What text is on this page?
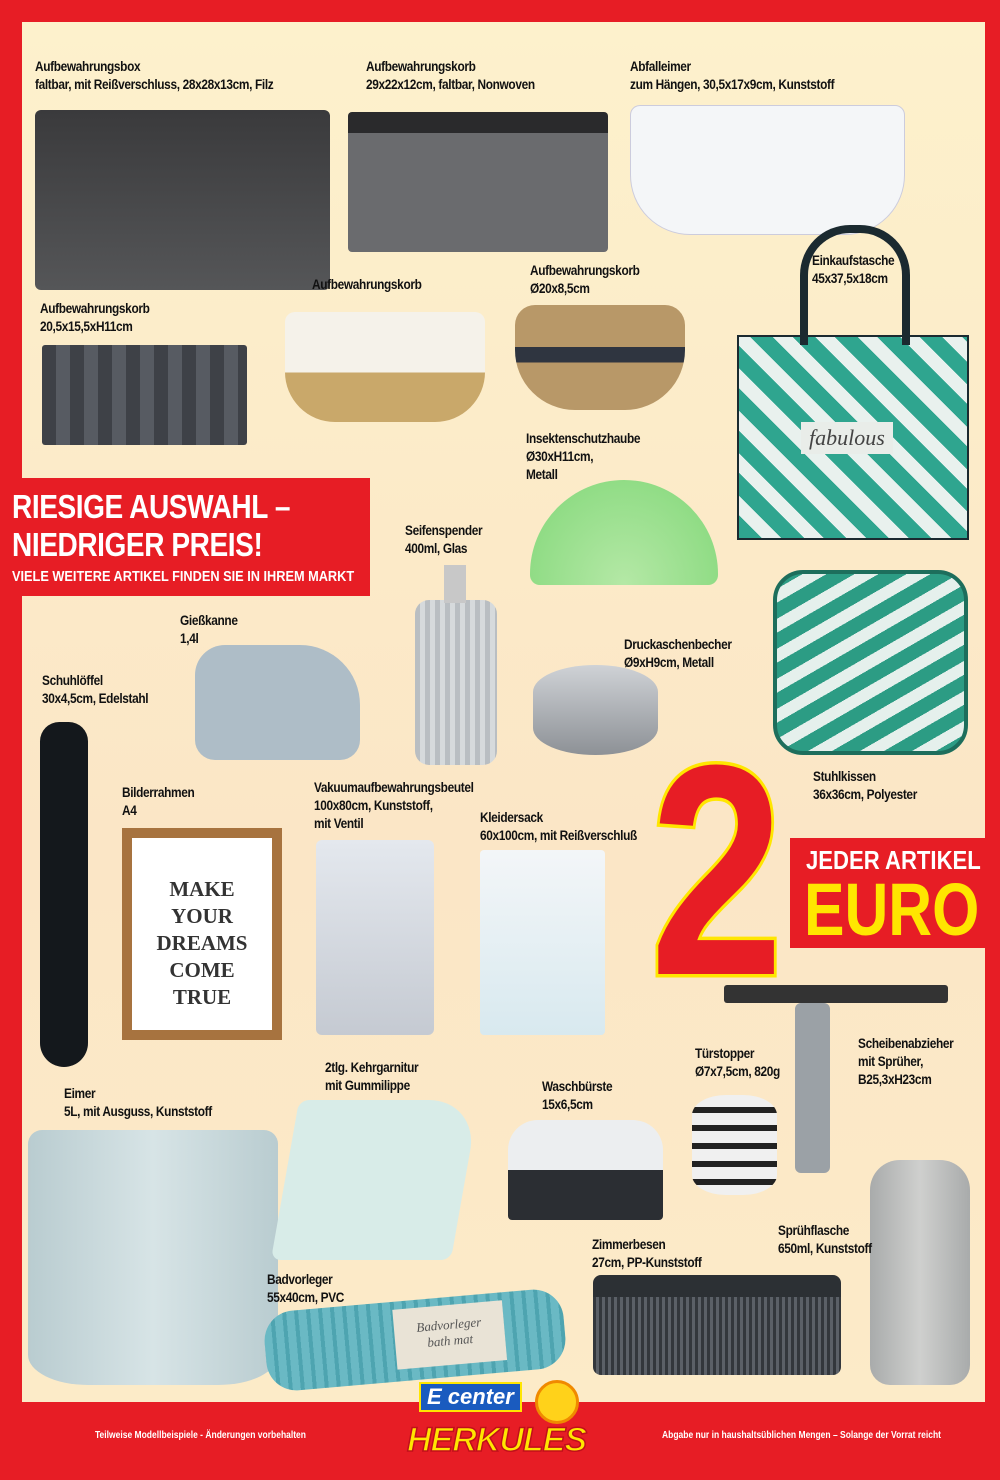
fabulous
MAKE
YOUR
DREAMS
COME
TRUE
Badvorleger
bath mat
Aufbewahrungsbox
faltbar, mit Reißverschluss, 28x28x13cm, Filz
Aufbewahrungskorb
29x22x12cm, faltbar, Nonwoven
Abfalleimer
zum Hängen, 30,5x17x9cm, Kunststoff
Aufbewahrungskorb
20,5x15,5xH11cm
Aufbewahrungskorb
Aufbewahrungskorb
Ø20x8,5cm
Einkaufstasche
45x37,5x18cm
Insektenschutzhaube
Ø30xH11cm,
Metall
Seifenspender
400ml, Glas
Gießkanne
1,4l
Schuhlöffel
30x4,5cm, Edelstahl
Druckaschenbecher
Ø9xH9cm, Metall
Stuhlkissen
36x36cm, Polyester
Bilderrahmen
A4
Vakuumaufbewahrungsbeutel
100x80cm, Kunststoff,
mit Ventil	Kleidersack
60x100cm, mit Reißverschluß
Türstopper
Ø7x7,5cm, 820g
Scheibenabzieher
mit Sprüher,
B25,3xH23cm
Eimer
5L, mit Ausguss, Kunststoff
2tlg. Kehrgarnitur
mit Gummilippe	Waschbürste
15x6,5cm
Zimmerbesen
27cm, PP-Kunststoff
Sprühflasche
650ml, Kunststoff
Badvorleger
55x40cm, PVC
RIESIGE AUSWAHL –
NIEDRIGER PREIS!
VIELE WEITERE ARTIKEL FINDEN SIE IN IHREM MARKT
JEDER ARTIKEL
EURO
2
Teilweise Modellbeispiele - Änderungen vorbehalten	Abgabe nur in haushaltsüblichen Mengen – Solange der Vorrat reicht
E center
HERKULES
